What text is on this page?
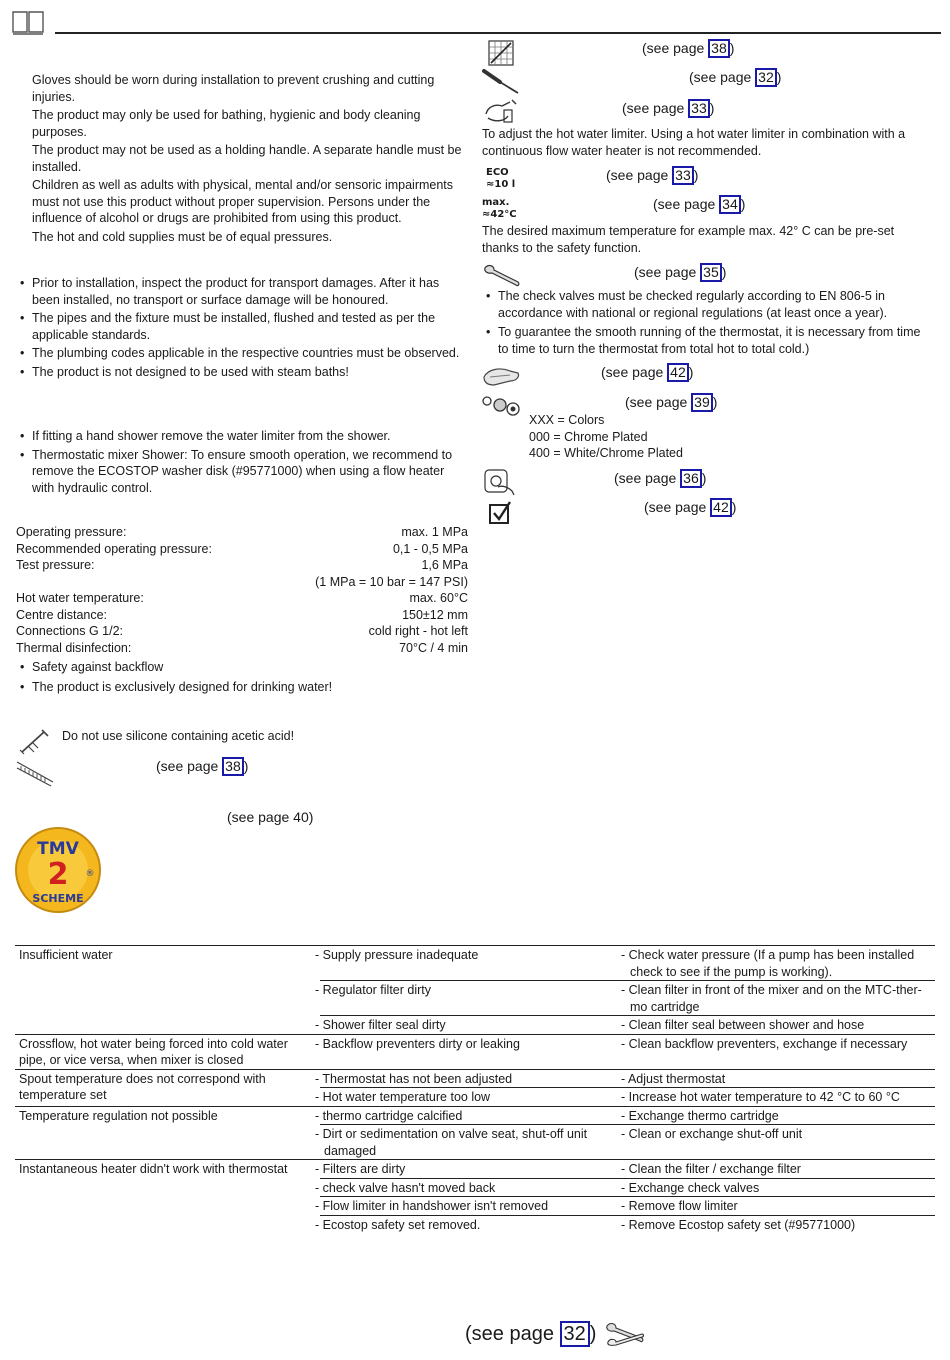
Gloves should be worn during installation to prevent crushing and cutting injuries.
The product may only be used for bathing, hygienic and body cleaning purposes.
The product may not be used as a holding handle. A separate handle must be installed.
Children as well as adults with physical, mental and/or sensoric impairments must not use this product without proper supervision. Persons under the influence of alcohol or drugs are prohibited from using this product.
The hot and cold supplies must be of equal pressures.
• Prior to installation, inspect the product for transport damages. After it has been installed, no transport or surface damage will be honoured.
• The pipes and the fixture must be installed, flushed and tested as per the applicable standards.
• The plumbing codes applicable in the respective countries must be observed.
• The product is not designed to be used with steam baths!
• If fitting a hand shower remove the water limiter from the shower.
• Thermostatic mixer Shower: To ensure smooth operation, we recommend to remove the ECOSTOP washer disk (#95771000) when using a flow heater with hydraulic control.
Operating pressure:	max. 1 MPa
Recommended operating pressure:	0,1 - 0,5 MPa
Test pressure:	1,6 MPa
(1 MPa = 10 bar = 147 PSI)
Hot water temperature:	max. 60°C
Centre distance:	150±12 mm
Connections G 1/2:	cold right - hot left
Thermal disinfection:	70°C / 4 min
• Safety against backflow
• The product is exclusively designed for drinking water!
Do not use silicone containing acetic acid!
(see page 38 )
(see page 40)
TMV
2
SCHEME
®
(see page 38 )
(see page 32 )
(see page 33 )
To adjust the hot water limiter. Using a hot water limiter in combination with a continuous flow water heater is not recommended.
ECO
≈10 l
(see page 33 )
max.
≈42°C
(see page 34 )
The desired maximum temperature for example max. 42° C can be pre-set thanks to the safety function.
(see page 35 )
• The check valves must be checked regularly according to EN 806-5 in accordance with national or regional regulations (at least once a year).
• To guarantee the smooth running of the thermostat, it is necessary from time to time to turn the thermostat from total hot to total cold.)
(see page 42 )
(see page 39 )
XXX = Colors
000 = Chrome Plated
400 = White/Chrome Plated
(see page 36 )
(see page 42 )
Insufficient water	- Supply pressure inadequate	- Check water pressure (If a pump has been installed check to see if the pump is working).
	- Regulator filter dirty	- Clean filter in front of the mixer and on the MTC-ther-mo cartridge
	- Shower filter seal dirty	- Clean filter seal between shower and hose
Crossflow, hot water being forced into cold water pipe, or vice versa, when mixer is closed	- Backflow preventers dirty or leaking	- Clean backflow preventers, exchange if necessary
Spout temperature does not correspond with temperature set	- Thermostat has not been adjusted	- Adjust thermostat
	- Hot water temperature too low	- Increase hot water temperature to 42 °C to 60 °C
Temperature regulation not possible	- thermo cartridge calcified	- Exchange thermo cartridge
	- Dirt or sedimentation on valve seat, shut-off unit damaged	- Clean or exchange shut-off unit
Instantaneous heater didn't work with thermostat	- Filters are dirty	- Clean the filter / exchange filter
	- check valve hasn't moved back	- Exchange check valves
	- Flow limiter in handshower isn't removed	- Remove flow limiter
	- Ecostop safety set removed.	- Remove Ecostop safety set (#95771000)
(see page 32 )
